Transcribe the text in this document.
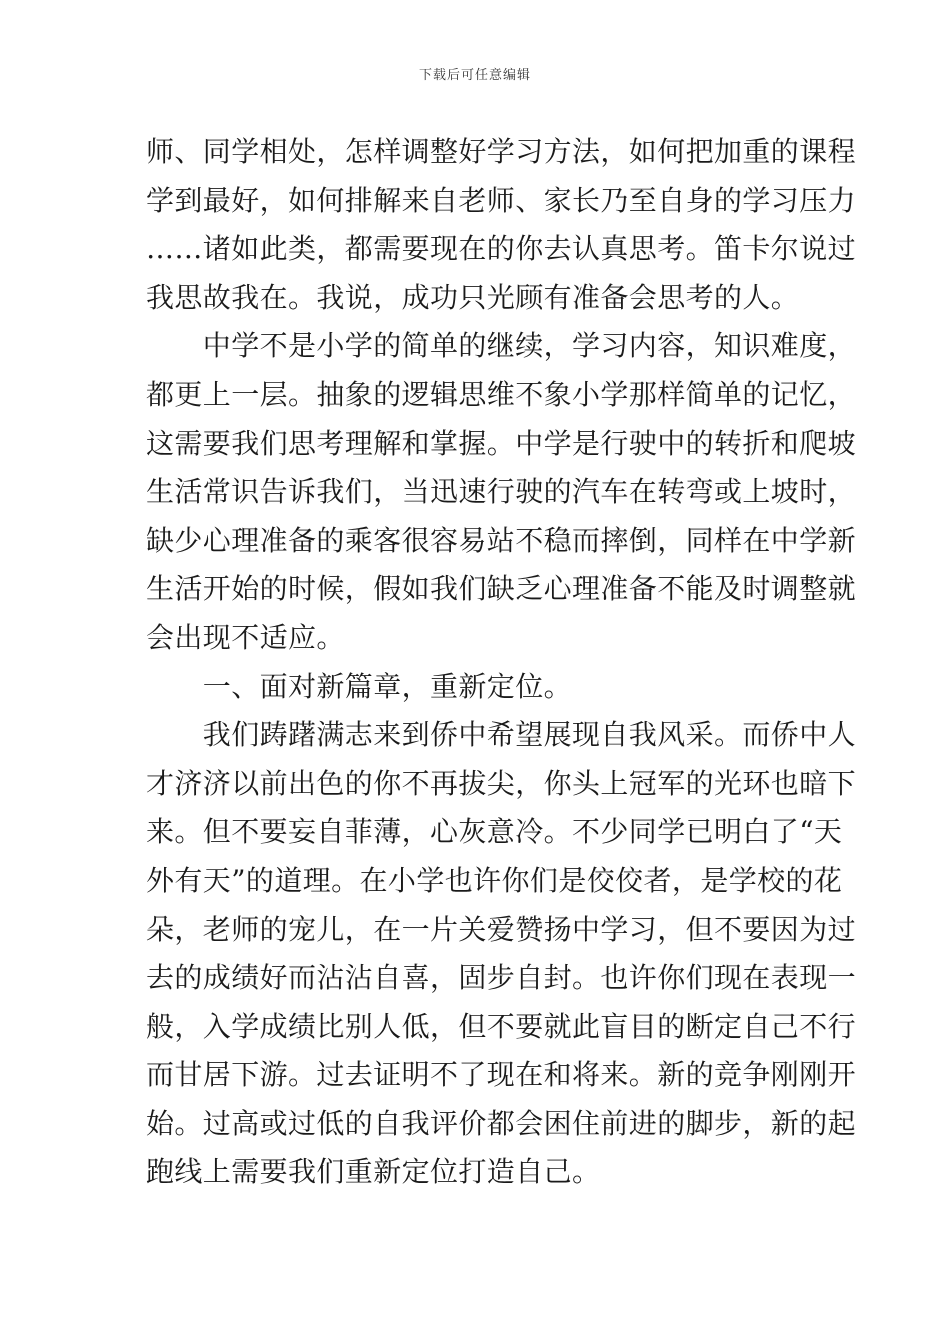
下载后可任意编辑
师、同学相处，怎样调整好学习方法，如何把加重的课程
学到最好，如何排解来自老师、家长乃至自身的学习压力
……诸如此类，都需要现在的你去认真思考。笛卡尔说过
我思故我在。我说，成功只光顾有准备会思考的人。
　　中学不是小学的简单的继续，学习内容，知识难度，
都更上一层。抽象的逻辑思维不象小学那样简单的记忆，
这需要我们思考理解和掌握。中学是行驶中的转折和爬坡
生活常识告诉我们，当迅速行驶的汽车在转弯或上坡时，
缺少心理准备的乘客很容易站不稳而摔倒，同样在中学新
生活开始的时候，假如我们缺乏心理准备不能及时调整就
会出现不适应。
　　一、面对新篇章，重新定位。
　　我们踌躇满志来到侨中希望展现自我风采。而侨中人
才济济以前出色的你不再拔尖，你头上冠军的光环也暗下
来。但不要妄自菲薄，心灰意冷。不少同学已明白了“天
外有天”的道理。在小学也许你们是佼佼者，是学校的花
朵，老师的宠儿，在一片关爱赞扬中学习，但不要因为过
去的成绩好而沾沾自喜，固步自封。也许你们现在表现一
般，入学成绩比别人低，但不要就此盲目的断定自己不行
而甘居下游。过去证明不了现在和将来。新的竞争刚刚开
始。过高或过低的自我评价都会困住前进的脚步，新的起
跑线上需要我们重新定位打造自己。
